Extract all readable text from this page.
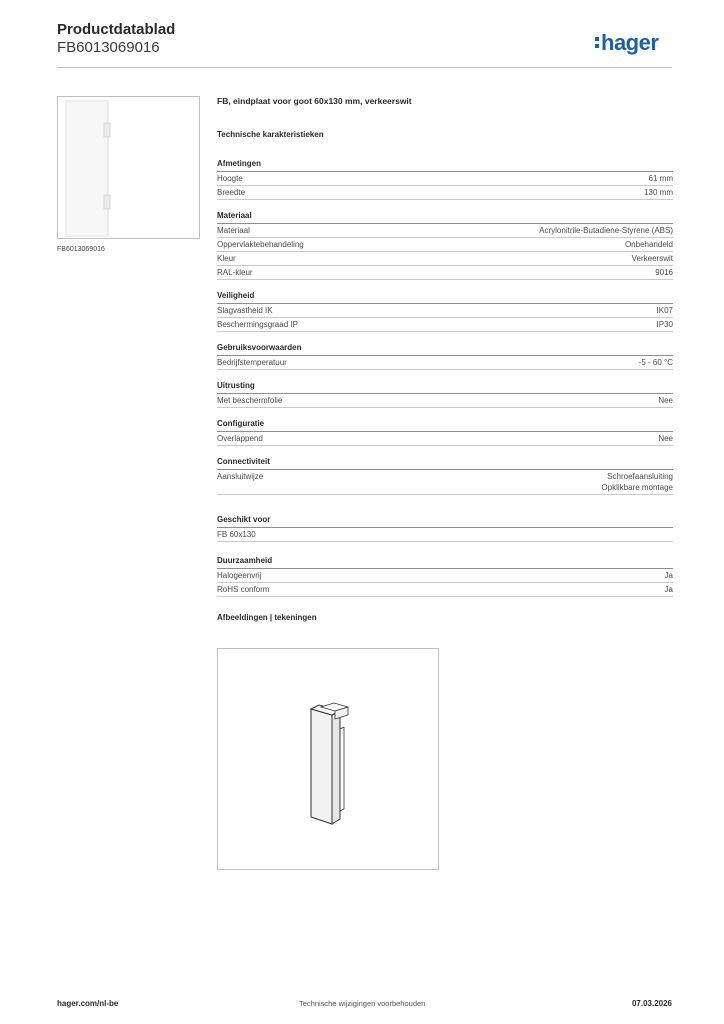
Productdatablad
FB6013069016	hager
FB6013069016
FB, eindplaat voor goot 60x130 mm, verkeerswit
Technische karakteristieken
Afmetingen
Hoogte	61 mm
Breedte	130 mm
Materiaal
Materiaal	Acrylonitrile-Butadiene-Styrene (ABS)
Oppervlaktebehandeling	Onbehandeld
Kleur	Verkeerswit
RAL-kleur	9016
Veiligheid
Slagvastheid IK	IK07
Beschermingsgraad IP	IP30
Gebruiksvoorwaarden
Bedrijfstemperatuur	-5 - 60 °C
Uitrusting
Met beschermfolie	Nee
Configuratie
Overlappend	Nee
Connectiviteit
Aansluitwijze	Schroefaansluiting
Opklikbare montage
Geschikt voor
FB 60x130
Duurzaamheid
Halogeenvrij	Ja
RoHS conform	Ja
Afbeeldingen | tekeningen
hager.com/nl-be	Technische wijzigingen voorbehouden	07.03.2026
